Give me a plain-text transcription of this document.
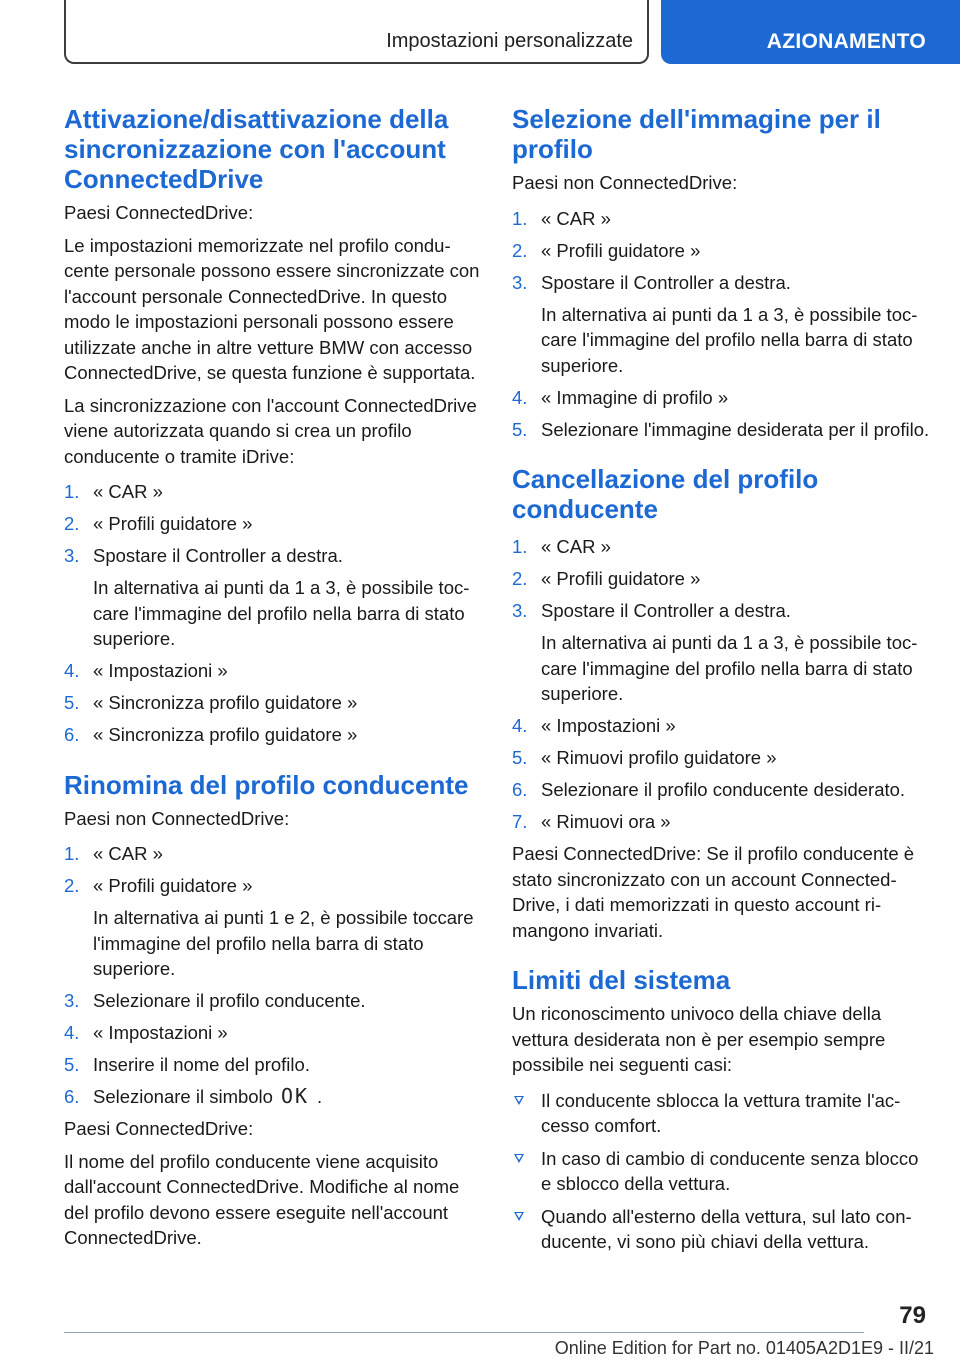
Impostazioni personalizzate	AZIONAMENTO
Attivazione/disattivazione della sincronizzazione con l'account ConnectedDrive

Paesi ConnectedDrive:

Le impostazioni memorizzate nel profilo conducente personale possono essere sincronizzate con l'account personale ConnectedDrive. In questo modo le impostazioni personali possono essere utilizzate anche in altre vetture BMW con accesso ConnectedDrive, se questa funzione è supportata.

La sincronizzazione con l'account ConnectedDrive viene autorizzata quando si crea un profilo conducente o tramite iDrive:

1. « CAR »
2. « Profili guidatore »
3. Spostare il Controller a destra.
In alternativa ai punti da 1 a 3, è possibile toccare l'immagine del profilo nella barra di stato superiore.
4. « Impostazioni »
5. « Sincronizza profilo guidatore »
6. « Sincronizza profilo guidatore »
Rinomina del profilo conducente

Paesi non ConnectedDrive:

1. « CAR »
2. « Profili guidatore »
In alternativa ai punti 1 e 2, è possibile toccare l'immagine del profilo nella barra di stato superiore.
3. Selezionare il profilo conducente.
4. « Impostazioni »
5. Inserire il nome del profilo.
6. Selezionare il simbolo OK .

Paesi ConnectedDrive:

Il nome del profilo conducente viene acquisito dall'account ConnectedDrive. Modifiche al nome del profilo devono essere eseguite nell'account ConnectedDrive.

Selezione dell'immagine per il profilo

Paesi non ConnectedDrive:

1. « CAR »
2. « Profili guidatore »
3. Spostare il Controller a destra.
In alternativa ai punti da 1 a 3, è possibile toccare l'immagine del profilo nella barra di stato superiore.
4. « Immagine di profilo »
5. Selezionare l'immagine desiderata per il profilo.
Cancellazione del profilo conducente
1. « CAR »
2. « Profili guidatore »
3. Spostare il Controller a destra.
In alternativa ai punti da 1 a 3, è possibile toccare l'immagine del profilo nella barra di stato superiore.
4. « Impostazioni »
5. « Rimuovi profilo guidatore »
6. Selezionare il profilo conducente desiderato.
7. « Rimuovi ora »

Paesi ConnectedDrive: Se il profilo conducente è stato sincronizzato con un account ConnectedDrive, i dati memorizzati in questo account rimangono invariati.

Limiti del sistema

Un riconoscimento univoco della chiave della vettura desiderata non è per esempio sempre possibile nei seguenti casi:

Il conducente sblocca la vettura tramite l'accesso comfort.
In caso di cambio di conducente senza blocco e sblocco della vettura.
Quando all'esterno della vettura, sul lato conducente, vi sono più chiavi della vettura.
79
Online Edition for Part no. 01405A2D1E9 - II/21
